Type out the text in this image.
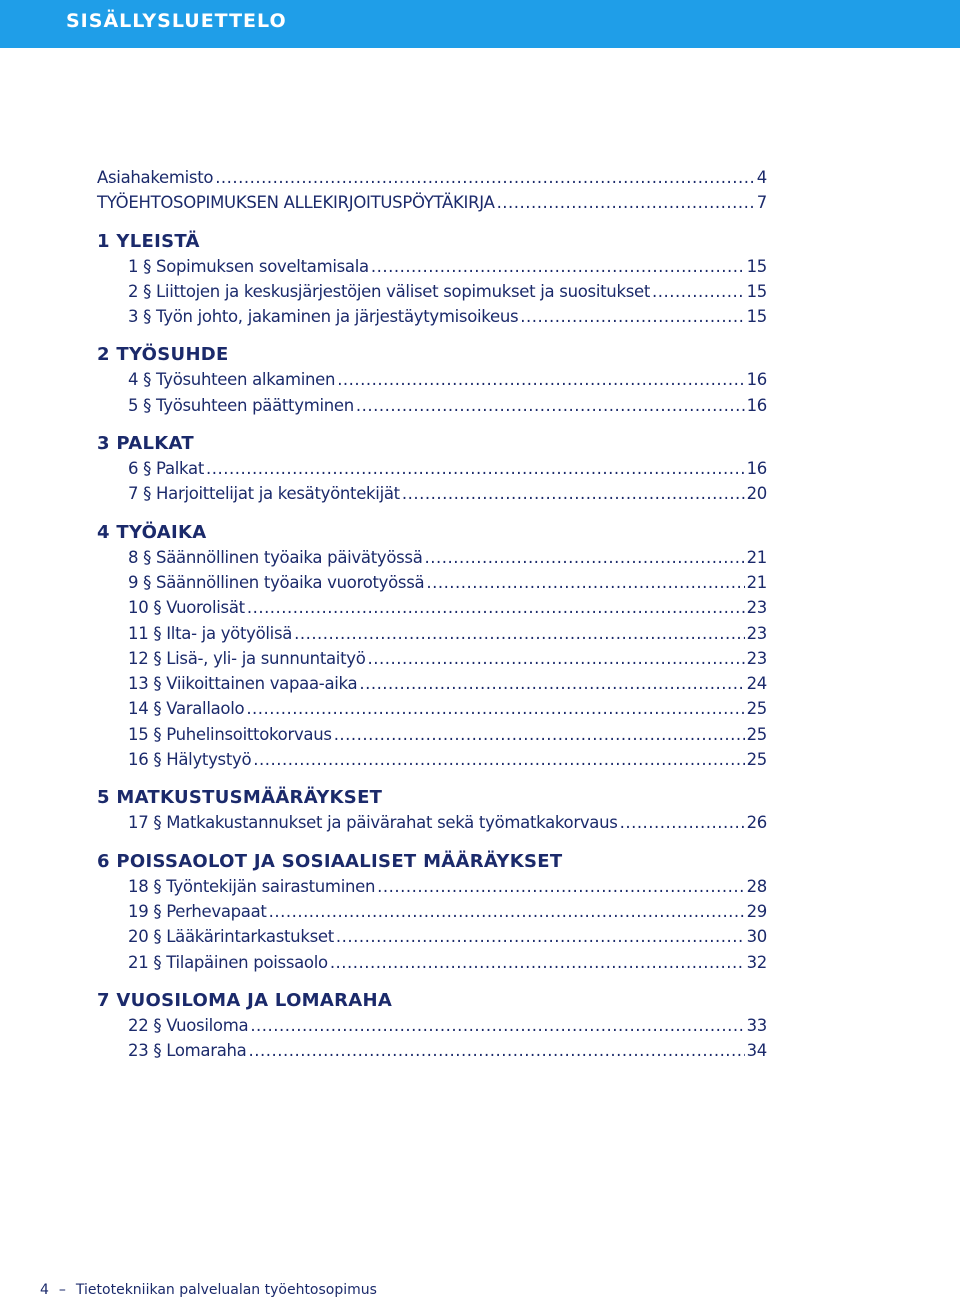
SISÄLLYSLUETTELO
Asiahakemisto .....	4
TYÖEHTOSOPIMUKSEN ALLEKIRJOITUSPÖYTÄKIRJA .....	7
1 YLEISTÄ
1 § Sopimuksen soveltamisala .....	15
2 § Liittojen ja keskusjärjestöjen väliset sopimukset ja suositukset .....	15
3 § Työn johto, jakaminen ja järjestäytymisoikeus .....	15
2 TYÖSUHDE
4 § Työsuhteen alkaminen .....	16
5 § Työsuhteen päättyminen .....	16
3 PALKAT
6 § Palkat .....	16
7 § Harjoittelijat ja kesätyöntekijät .....	20
4 TYÖAIKA
8 § Säännöllinen työaika päivätyössä .....	21
9 § Säännöllinen työaika vuorotyössä .....	21
10 § Vuorolisät .....	23
11 § Ilta- ja yötyölisä .....	23
12 § Lisä-, yli- ja sunnuntaityö .....	23
13 § Viikoittainen vapaa-aika .....	24
14 § Varallaolo .....	25
15 § Puhelinsoittokorvaus .....	25
16 § Hälytystyö .....	25
5 MATKUSTUSMÄÄRÄYKSET
17 § Matkakustannukset ja päivärahat sekä työmatkakorvaus .....	26
6 POISSAOLOT JA SOSIAALISET MÄÄRÄYKSET
18 § Työntekijän sairastuminen .....	28
19 § Perhevapaat .....	29
20 § Lääkärintarkastukset .....	30
21 § Tilapäinen poissaolo .....	32
7 VUOSILOMA JA LOMARAHA
22 § Vuosiloma .....	33
23 § Lomaraha .....	34
4 – Tietotekniikan palvelualan työehtosopimus
